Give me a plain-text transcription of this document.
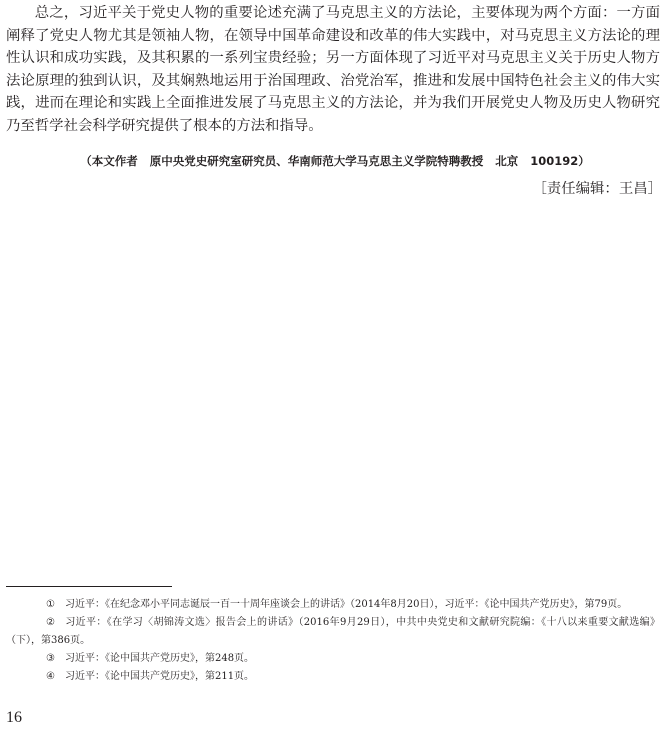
总之，习近平关于党史人物的重要论述充满了马克思主义的方法论，主要体现为两个方面：一方面阐释了党史人物尤其是领袖人物，在领导中国革命建设和改革的伟大实践中，对马克思主义方法论的理性认识和成功实践，及其积累的一系列宝贵经验；另一方面体现了习近平对马克思主义关于历史人物方法论原理的独到认识，及其娴熟地运用于治国理政、治党治军，推进和发展中国特色社会主义的伟大实践，进而在理论和实践上全面推进发展了马克思主义的方法论，并为我们开展党史人物及历史人物研究乃至哲学社会科学研究提供了根本的方法和指导。

（本文作者 原中央党史研究室研究员、华南师范大学马克思主义学院特聘教授 北京 100192）

［责任编辑：王昌］
① 习近平：《在纪念邓小平同志诞辰一百一十周年座谈会上的讲话》（2014年8月20日），习近平：《论中国共产党历史》，第79页。
② 习近平：《在学习〈胡锦涛文选〉报告会上的讲话》（2016年9月29日），中共中央党史和文献研究院编：《十八以来重要文献选编》（下），第386页。
③ 习近平：《论中国共产党历史》，第248页。
④ 习近平：《论中国共产党历史》，第211页。
16
